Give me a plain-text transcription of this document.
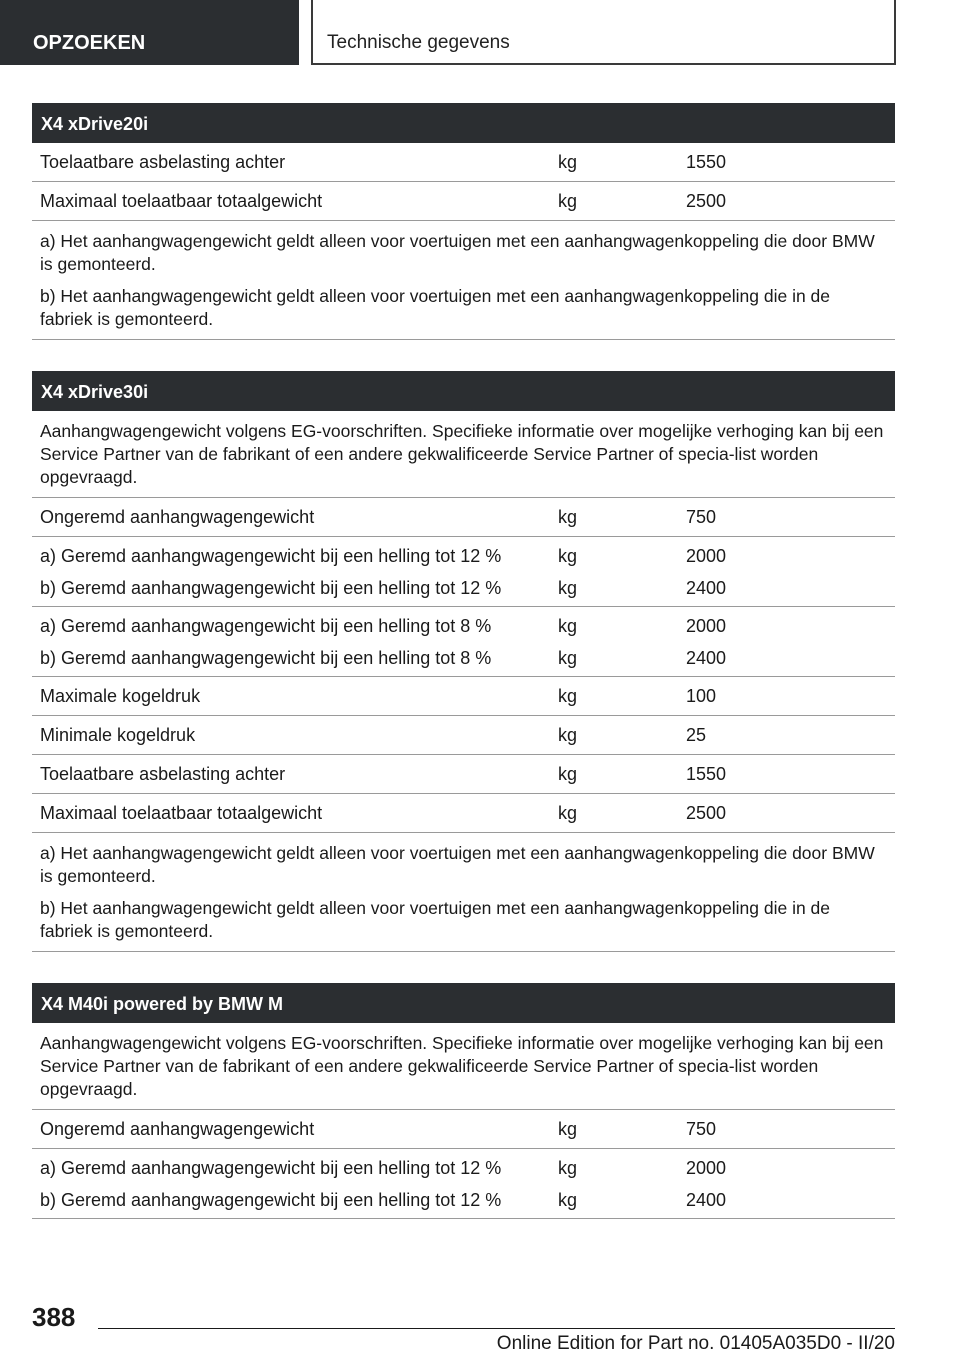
OPZOEKEN	Technische gegevens
X4 xDrive20i
Toelaatbare asbelasting achter	kg	1550
Maximaal toelaatbaar totaalgewicht	kg	2500

a) Het aanhangwagengewicht geldt alleen voor voertuigen met een aanhangwagenkoppeling die door BMW is gemonteerd.

b) Het aanhangwagengewicht geldt alleen voor voertuigen met een aanhangwagenkoppeling die in de fabriek is gemonteerd.

X4 xDrive30i
Aanhangwagengewicht volgens EG-voorschriften. Specifieke informatie over mogelijke verhoging kan bij een Service Partner van de fabrikant of een andere gekwalificeerde Service Partner of specia-list worden opgevraagd.
Ongeremd aanhangwagengewicht	kg	750
a) Geremd aanhangwagengewicht bij een helling tot 12 %	kg	2000
b) Geremd aanhangwagengewicht bij een helling tot 12 %	kg	2400
a) Geremd aanhangwagengewicht bij een helling tot 8 %	kg	2000
b) Geremd aanhangwagengewicht bij een helling tot 8 %	kg	2400
Maximale kogeldruk	kg	100
Minimale kogeldruk	kg	25
Toelaatbare asbelasting achter	kg	1550
Maximaal toelaatbaar totaalgewicht	kg	2500

a) Het aanhangwagengewicht geldt alleen voor voertuigen met een aanhangwagenkoppeling die door BMW is gemonteerd.

b) Het aanhangwagengewicht geldt alleen voor voertuigen met een aanhangwagenkoppeling die in de fabriek is gemonteerd.

X4 M40i powered by BMW M
Aanhangwagengewicht volgens EG-voorschriften. Specifieke informatie over mogelijke verhoging kan bij een Service Partner van de fabrikant of een andere gekwalificeerde Service Partner of specia-list worden opgevraagd.
Ongeremd aanhangwagengewicht	kg	750
a) Geremd aanhangwagengewicht bij een helling tot 12 %	kg	2000
b) Geremd aanhangwagengewicht bij een helling tot 12 %	kg	2400
388
Online Edition for Part no. 01405A035D0 - II/20
